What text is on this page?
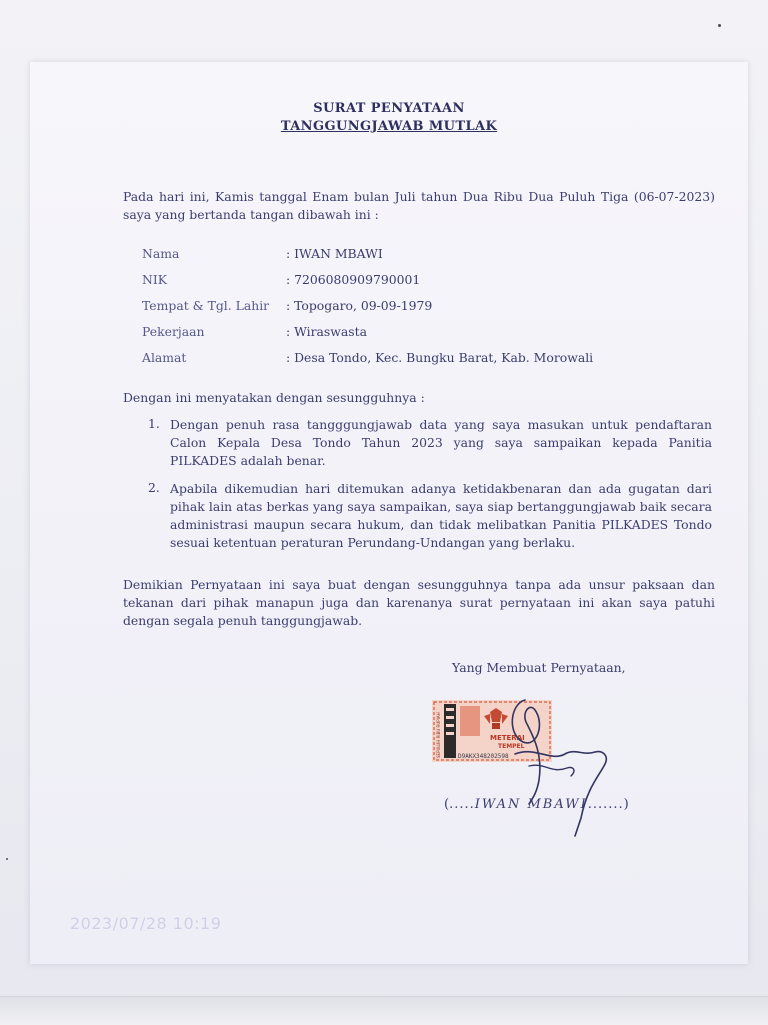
SURAT PENYATAAN
TANGGUNGJAWAB MUTLAK
Pada hari ini, Kamis tanggal Enam bulan Juli tahun Dua Ribu Dua Puluh Tiga (06-07-2023) saya yang bertanda tangan dibawah ini :
Nama	: IWAN MBAWI
NIK	: 7206080909790001
Tempat & Tgl. Lahir : Topogaro, 09-09-1979
Pekerjaan	: Wiraswasta
Alamat	: Desa Tondo, Kec. Bungku Barat, Kab. Morowali
Dengan ini menyatakan dengan sesungguhnya :
1. Dengan penuh rasa tangggungjawab data yang saya masukan untuk pendaftaran Calon Kepala Desa Tondo Tahun 2023 yang saya sampaikan kepada Panitia PILKADES adalah benar.
2. Apabila dikemudian hari ditemukan adanya ketidakbenaran dan ada gugatan dari pihak lain atas berkas yang saya sampaikan, saya siap bertanggungjawab baik secara administrasi maupun secara hukum, dan tidak melibatkan Panitia PILKADES Tondo sesuai ketentuan peraturan Perundang-Undangan yang berlaku.
Demikian Pernyataan ini saya buat dengan sesungguhnya tanpa ada unsur paksaan dan tekanan dari pihak manapun juga dan karenanya surat pernyataan ini akan saya patuhi dengan segala penuh tanggungjawab.
Yang Membuat Pernyataan,
SEPULUH RIBU RUPIAH	METERAI
TEMPEL
D9AKX348202598
(.....IWAN MBAWI.......)
2023/07/28 10:19
